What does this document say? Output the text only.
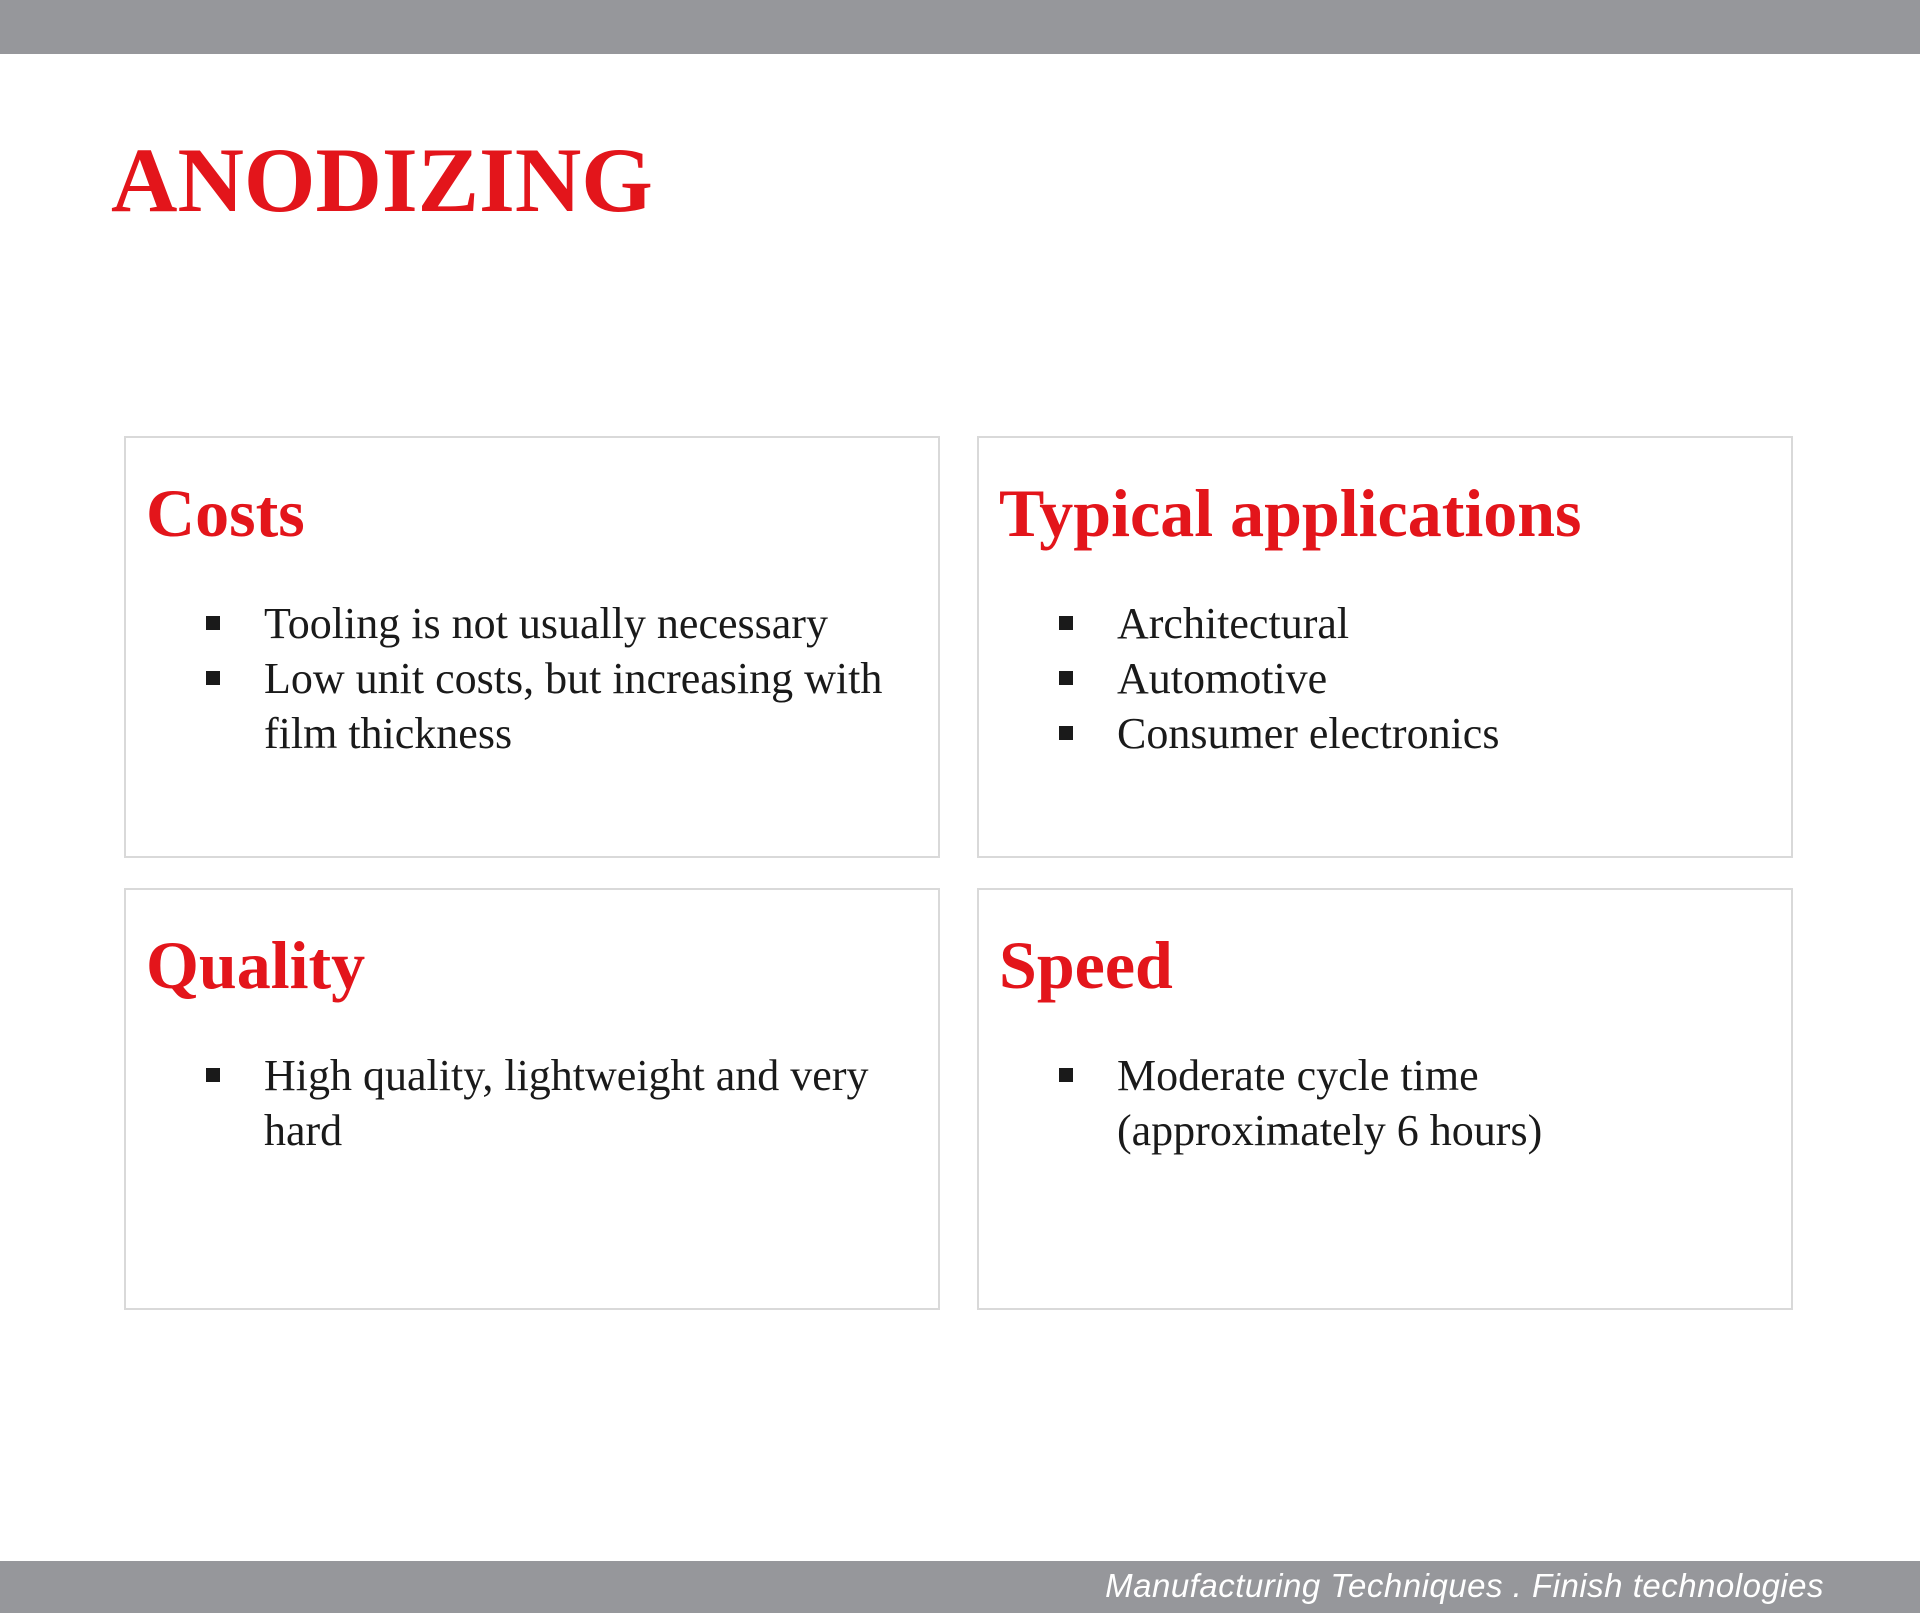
ANODIZING
Costs
Tooling is not usually necessary
Low unit costs, but increasing with film thickness
Typical applications
Architectural
Automotive
Consumer electronics
Quality
High quality, lightweight and very hard
Speed
Moderate cycle time (approximately 6 hours)
Manufacturing Techniques . Finish technologies
